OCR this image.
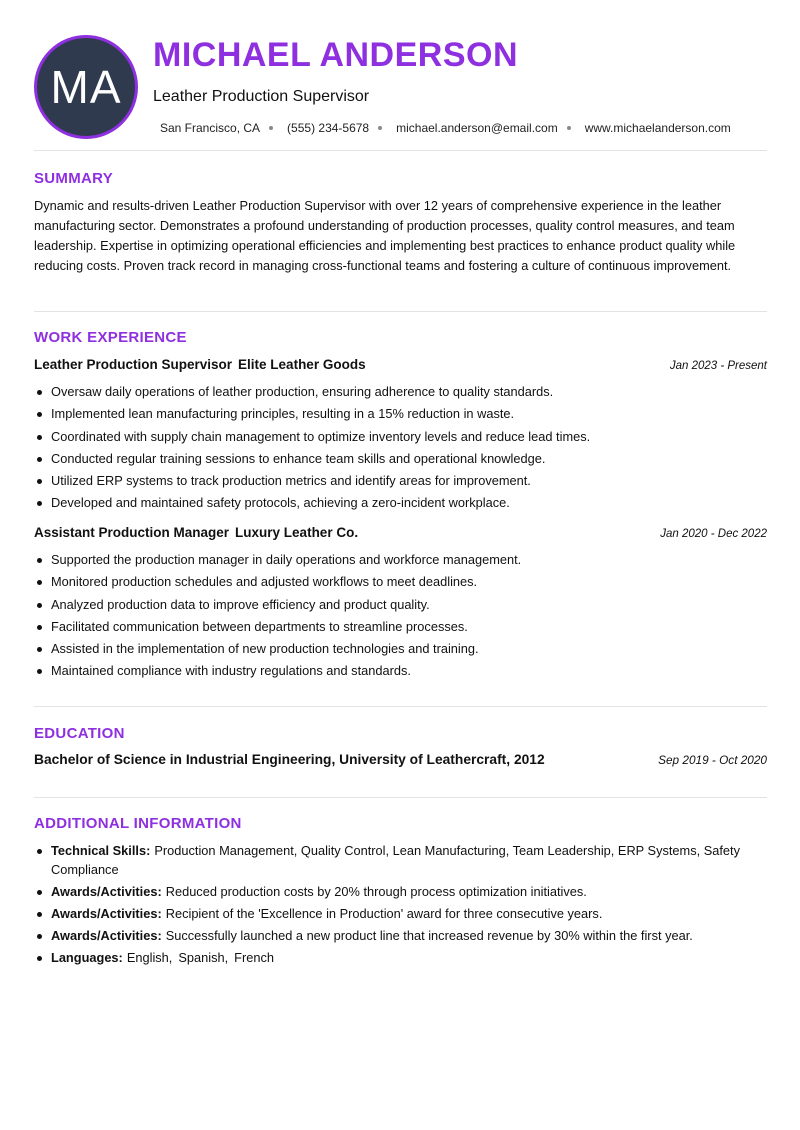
MA
MICHAEL ANDERSON
Leather Production Supervisor
San Francisco, CA (555) 234-5678 michael.anderson@email.com www.michaelanderson.com
SUMMARY

Dynamic and results-driven Leather Production Supervisor with over 12 years of comprehensive experience in the leather manufacturing sector. Demonstrates a profound understanding of production processes, quality control measures, and team leadership. Expertise in optimizing operational efficiencies and implementing best practices to enhance product quality while reducing costs. Proven track record in managing cross-functional teams and fostering a culture of continuous improvement.

WORK EXPERIENCE
Leather Production Supervisor Elite Leather Goods	Jan 2023 - Present
Oversaw daily operations of leather production, ensuring adherence to quality standards.
Implemented lean manufacturing principles, resulting in a 15% reduction in waste.
Coordinated with supply chain management to optimize inventory levels and reduce lead times.
Conducted regular training sessions to enhance team skills and operational knowledge.
Utilized ERP systems to track production metrics and identify areas for improvement.
Developed and maintained safety protocols, achieving a zero-incident workplace.
Assistant Production Manager Luxury Leather Co.	Jan 2020 - Dec 2022
Supported the production manager in daily operations and workforce management.
Monitored production schedules and adjusted workflows to meet deadlines.
Analyzed production data to improve efficiency and product quality.
Facilitated communication between departments to streamline processes.
Assisted in the implementation of new production technologies and training.
Maintained compliance with industry regulations and standards.
EDUCATION
Bachelor of Science in Industrial Engineering, University of Leathercraft, 2012	Sep 2019 - Oct 2020
ADDITIONAL INFORMATION
Technical Skills: Production Management, Quality Control, Lean Manufacturing, Team Leadership, ERP Systems, Safety Compliance
Awards/Activities: Reduced production costs by 20% through process optimization initiatives.
Awards/Activities: Recipient of the 'Excellence in Production' award for three consecutive years.
Awards/Activities: Successfully launched a new product line that increased revenue by 30% within the first year.
Languages: English, Spanish, French
